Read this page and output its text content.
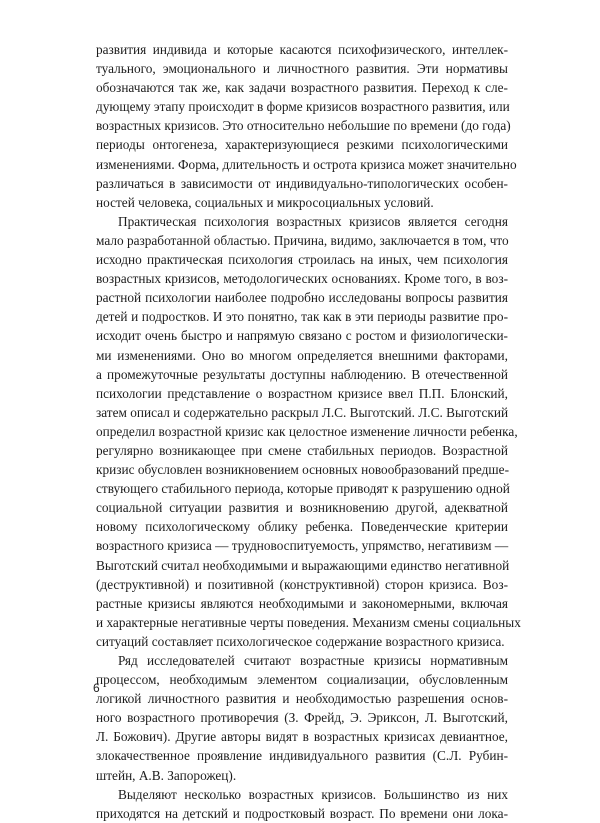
развития индивида и которые касаются психофизического, интеллек-
туального, эмоционального и личностного развития. Эти нормативы
обозначаются так же, как задачи возрастного развития. Переход к сле-
дующему этапу происходит в форме кризисов возрастного развития, или
возрастных кризисов. Это относительно небольшие по времени (до года)
периоды онтогенеза, характеризующиеся резкими психологическими
изменениями. Форма, длительность и острота кризиса может значительно
различаться в зависимости от индивидуально-типологических особен-
ностей человека, социальных и микросоциальных условий.
Практическая психология возрастных кризисов является сегодня
мало разработанной областью. Причина, видимо, заключается в том, что
исходно практическая психология строилась на иных, чем психология
возрастных кризисов, методологических основаниях. Кроме того, в воз-
растной психологии наиболее подробно исследованы вопросы развития
детей и подростков. И это понятно, так как в эти периоды развитие про-
исходит очень быстро и напрямую связано с ростом и физиологически-
ми изменениями. Оно во многом определяется внешними факторами,
а промежуточные результаты доступны наблюдению. В отечественной
психологии представление о возрастном кризисе ввел П.П. Блонский,
затем описал и содержательно раскрыл Л.С. Выготский. Л.С. Выготский
определил возрастной кризис как целостное изменение личности ребенка,
регулярно возникающее при смене стабильных периодов. Возрастной
кризис обусловлен возникновением основных новообразований предше-
ствующего стабильного периода, которые приводят к разрушению одной
социальной ситуации развития и возникновению другой, адекватной
новому психологическому облику ребенка. Поведенческие критерии
возрастного кризиса — трудновоспитуемость, упрямство, негативизм —
Выготский считал необходимыми и выражающими единство негативной
(деструктивной) и позитивной (конструктивной) сторон кризиса. Воз-
растные кризисы являются необходимыми и закономерными, включая
и характерные негативные черты поведения. Механизм смены социальных
ситуаций составляет психологическое содержание возрастного кризиса.
Ряд исследователей считают возрастные кризисы нормативным
процессом, необходимым элементом социализации, обусловленным
логикой личностного развития и необходимостью разрешения основ-
ного возрастного противоречия (З. Фрейд, Э. Эриксон, Л. Выготский,
Л. Божович). Другие авторы видят в возрастных кризисах девиантное,
злокачественное проявление индивидуального развития (С.Л. Рубин-
штейн, А.В. Запорожец).
Выделяют несколько возрастных кризисов. Большинство из них
приходятся на детский и подростковый возраст. По времени они лока-
6
